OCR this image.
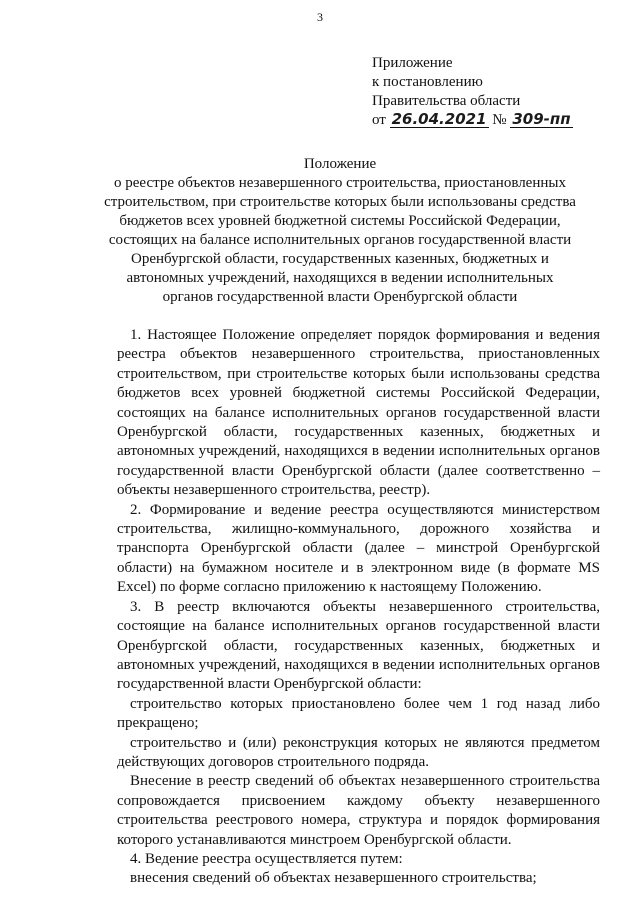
3
Приложение
к постановлению
Правительства области
от 26.04.2021 № 309-пп
Положение
о реестре объектов незавершенного строительства, приостановленных
строительством, при строительстве которых были использованы средства
бюджетов всех уровней бюджетной системы Российской Федерации,
состоящих на балансе исполнительных органов государственной власти
Оренбургской области, государственных казенных, бюджетных и
автономных учреждений, находящихся в ведении исполнительных
органов государственной власти Оренбургской области

1. Настоящее Положение определяет порядок формирования и ведения реестра объектов незавершенного строительства, приостановленных строительством, при строительстве которых были использованы средства бюджетов всех уровней бюджетной системы Российской Федерации, состоящих на балансе исполнительных органов государственной власти Оренбургской области, государственных казенных, бюджетных и автономных учреждений, находящихся в ведении исполнительных органов государственной власти Оренбургской области (далее соответственно – объекты незавершенного строительства, реестр).

2. Формирование и ведение реестра осуществляются министерством строительства, жилищно-коммунального, дорожного хозяйства и транспорта Оренбургской области (далее – минстрой Оренбургской области) на бумажном носителе и в электронном виде (в формате MS Excel) по форме согласно приложению к настоящему Положению.

3. В реестр включаются объекты незавершенного строительства, состоящие на балансе исполнительных органов государственной власти Оренбургской области, государственных казенных, бюджетных и автономных учреждений, находящихся в ведении исполнительных органов государственной власти Оренбургской области:

строительство которых приостановлено более чем 1 год назад либо прекращено;

строительство и (или) реконструкция которых не являются предметом действующих договоров строительного подряда.

Внесение в реестр сведений об объектах незавершенного строительства сопровождается присвоением каждому объекту незавершенного строительства реестрового номера, структура и порядок формирования которого устанавливаются минстроем Оренбургской области.

4. Ведение реестра осуществляется путем:

внесения сведений об объектах незавершенного строительства;
